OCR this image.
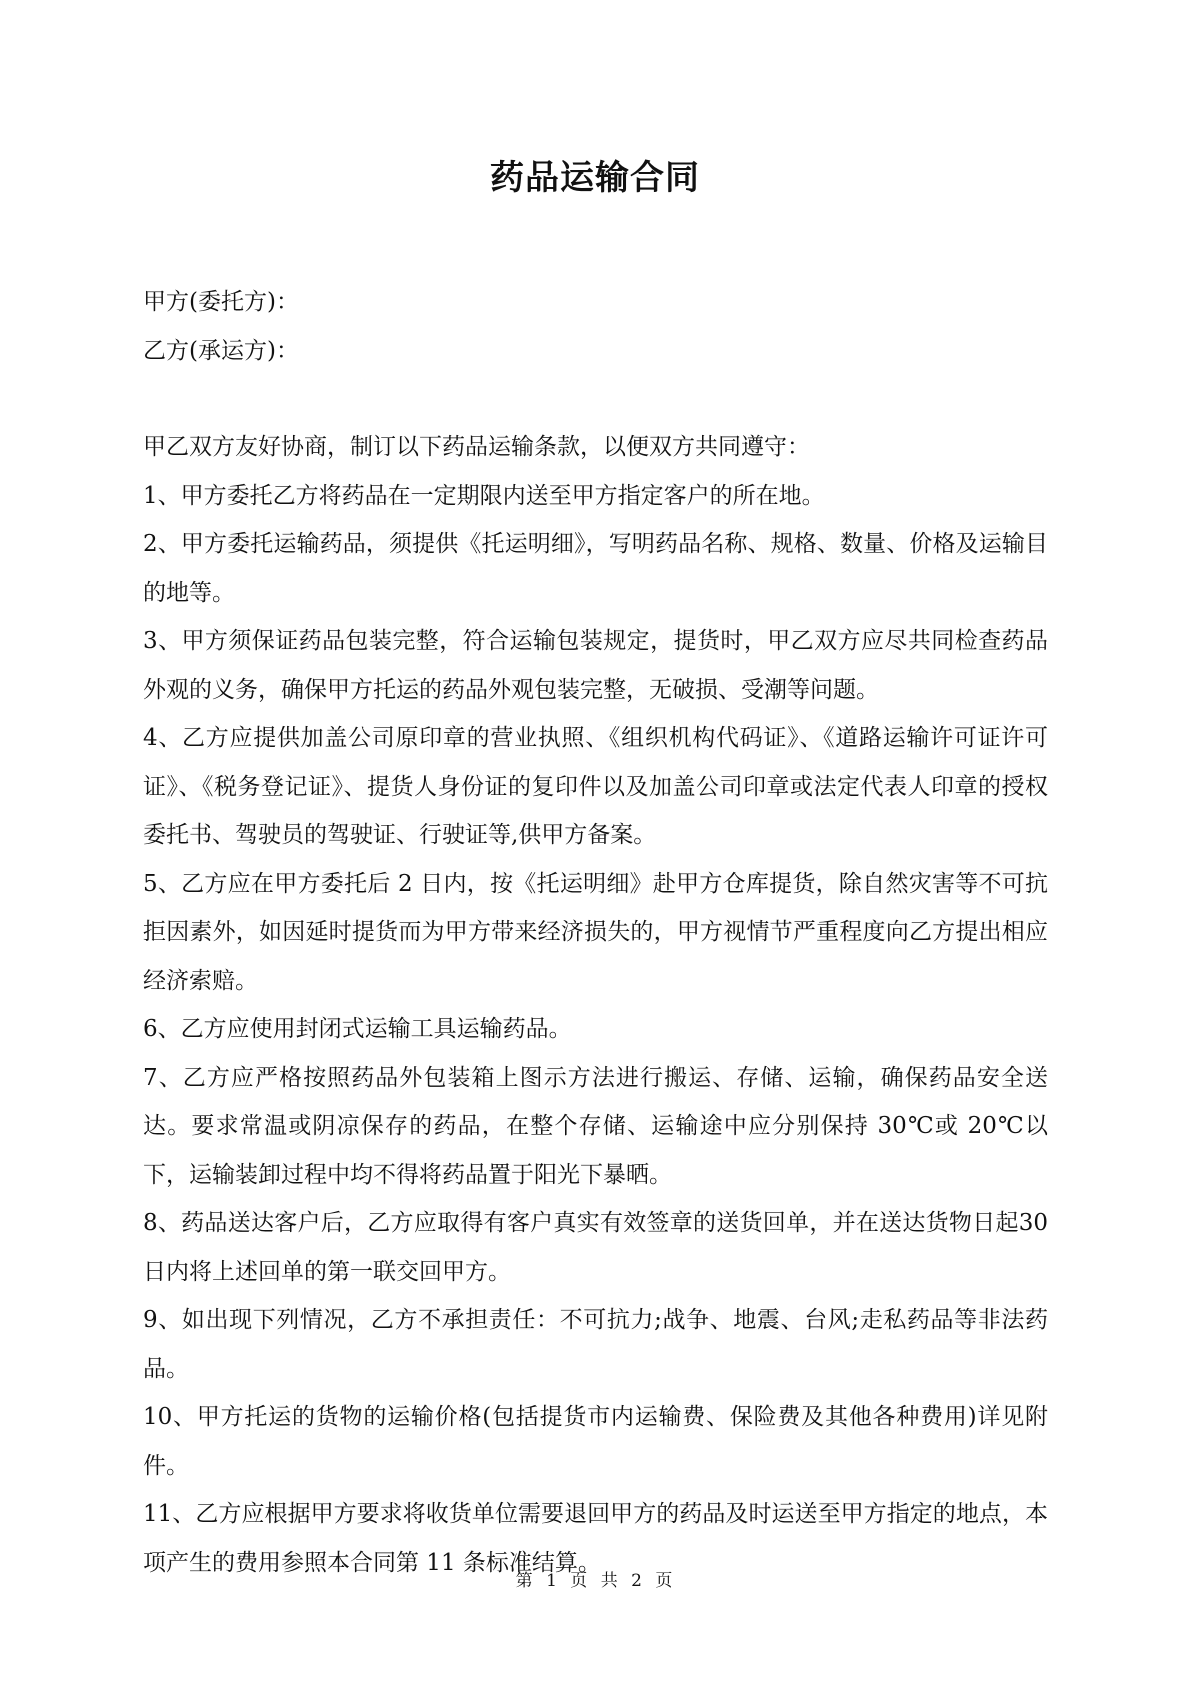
药品运输合同

甲方(委托方)：

乙方(承运方)：

甲乙双方友好协商，制订以下药品运输条款，以便双方共同遵守：

1、甲方委托乙方将药品在一定期限内送至甲方指定客户的所在地。

2、甲方委托运输药品，须提供《托运明细》，写明药品名称、规格、数量、价格及运输目的地等。

3、甲方须保证药品包装完整，符合运输包装规定，提货时，甲乙双方应尽共同检查药品外观的义务，确保甲方托运的药品外观包装完整，无破损、受潮等问题。

4、乙方应提供加盖公司原印章的营业执照、《组织机构代码证》、《道路运输许可证许可证》、《税务登记证》、提货人身份证的复印件以及加盖公司印章或法定代表人印章的授权委托书、驾驶员的驾驶证、行驶证等,供甲方备案。

5、乙方应在甲方委托后 2 日内，按《托运明细》赴甲方仓库提货，除自然灾害等不可抗拒因素外，如因延时提货而为甲方带来经济损失的，甲方视情节严重程度向乙方提出相应经济索赔。

6、乙方应使用封闭式运输工具运输药品。

7、乙方应严格按照药品外包装箱上图示方法进行搬运、存储、运输，确保药品安全送达。要求常温或阴凉保存的药品，在整个存储、运输途中应分别保持 30℃或 20℃以下，运输装卸过程中均不得将药品置于阳光下暴晒。

8、药品送达客户后，乙方应取得有客户真实有效签章的送货回单，并在送达货物日起30 日内将上述回单的第一联交回甲方。

9、如出现下列情况，乙方不承担责任：不可抗力;战争、地震、台风;走私药品等非法药品。

10、甲方托运的货物的运输价格(包括提货市内运输费、保险费及其他各种费用)详见附件。

11、乙方应根据甲方要求将收货单位需要退回甲方的药品及时运送至甲方指定的地点，本项产生的费用参照本合同第 11 条标准结算。

第 1 页 共 2 页
